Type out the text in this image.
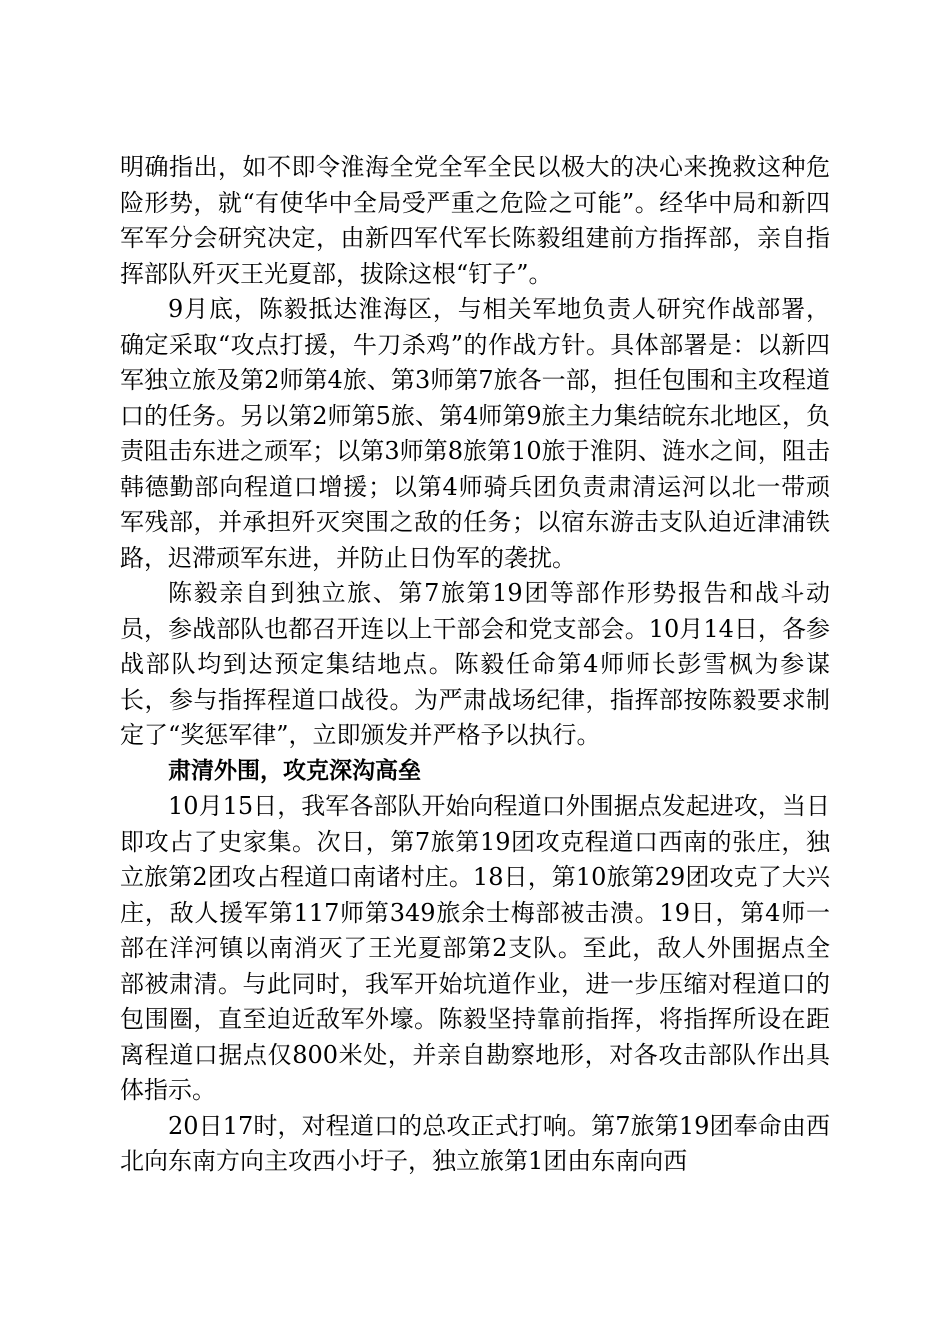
明确指出，如不即令淮海全党全军全民以极大的决心来挽救这种危险形势，就“有使华中全局受严重之危险之可能”。经华中局和新四军军分会研究决定，由新四军代军长陈毅组建前方指挥部，亲自指挥部队歼灭王光夏部，拔除这根“钉子”。

9月底，陈毅抵达淮海区，与相关军地负责人研究作战部署，确定采取“攻点打援，牛刀杀鸡”的作战方针。具体部署是：以新四军独立旅及第2师第4旅、第3师第7旅各一部，担任包围和主攻程道口的任务。另以第2师第5旅、第4师第9旅主力集结皖东北地区，负责阻击东进之顽军；以第3师第8旅第10旅于淮阴、涟水之间，阻击韩德勤部向程道口增援；以第4师骑兵团负责肃清运河以北一带顽军残部，并承担歼灭突围之敌的任务；以宿东游击支队迫近津浦铁路，迟滞顽军东进，并防止日伪军的袭扰。

陈毅亲自到独立旅、第7旅第19团等部作形势报告和战斗动员，参战部队也都召开连以上干部会和党支部会。10月14日，各参战部队均到达预定集结地点。陈毅任命第4师师长彭雪枫为参谋长，参与指挥程道口战役。为严肃战场纪律，指挥部按陈毅要求制定了“奖惩军律”，立即颁发并严格予以执行。

肃清外围，攻克深沟高垒

10月15日，我军各部队开始向程道口外围据点发起进攻，当日即攻占了史家集。次日，第7旅第19团攻克程道口西南的张庄，独立旅第2团攻占程道口南诸村庄。18日，第10旅第29团攻克了大兴庄，敌人援军第117师第349旅余士梅部被击溃。19日，第4师一部在洋河镇以南消灭了王光夏部第2支队。至此，敌人外围据点全部被肃清。与此同时，我军开始坑道作业，进一步压缩对程道口的包围圈，直至迫近敌军外壕。陈毅坚持靠前指挥，将指挥所设在距离程道口据点仅800米处，并亲自勘察地形，对各攻击部队作出具体指示。

20日17时，对程道口的总攻正式打响。第7旅第19团奉命由西北向东南方向主攻西小圩子，独立旅第1团由东南向西
